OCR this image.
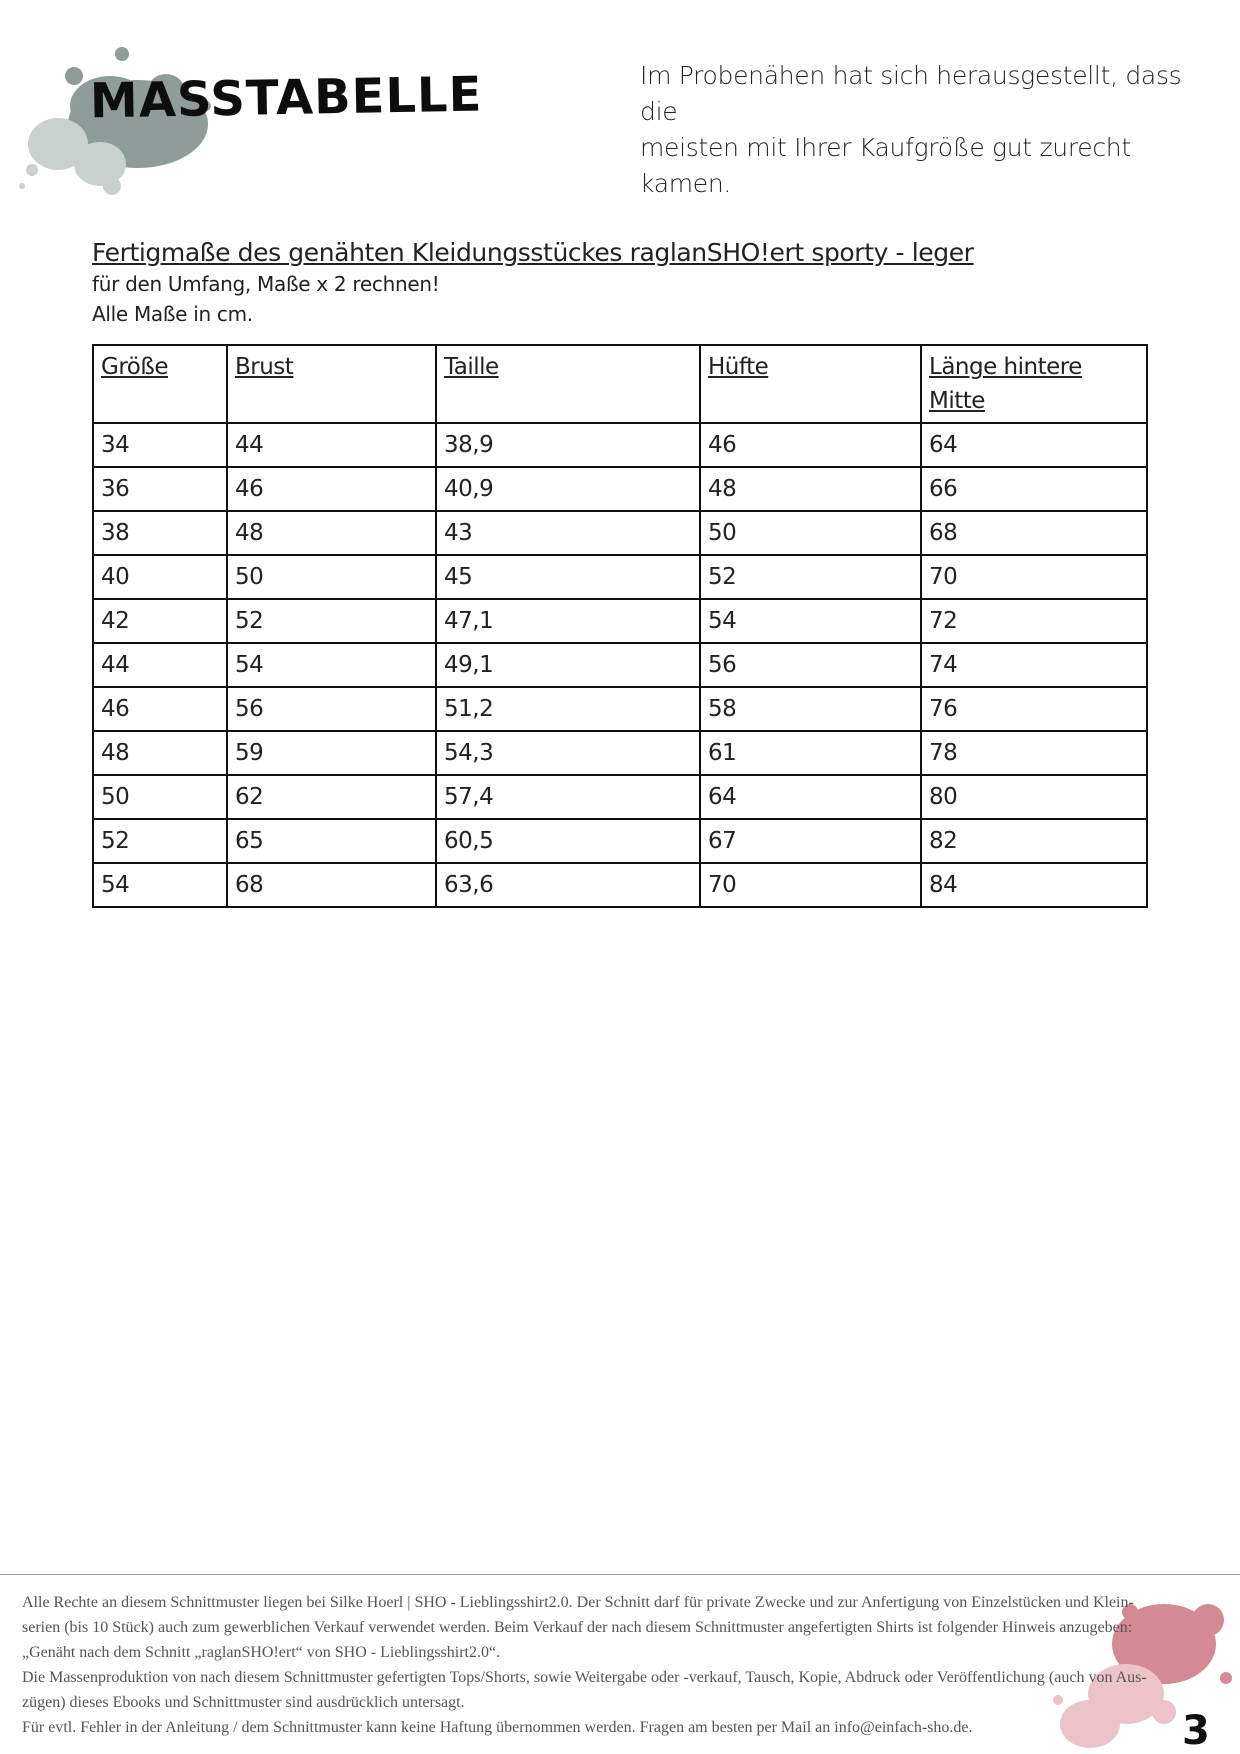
MASSTABELLE	Im Probenähen hat sich herausgestellt, dass die
meisten mit Ihrer Kaufgröße gut zurecht kamen.
Fertigmaße des genähten Kleidungsstückes raglanSHO!ert sporty - leger
für den Umfang, Maße x 2 rechnen!
Alle Maße in cm.
Größe	Brust	Taille	Hüfte	Länge hintere Mitte
34	44	38,9	46	64
36	46	40,9	48	66
38	48	43	50	68
40	50	45	52	70
42	52	47,1	54	72
44	54	49,1	56	74
46	56	51,2	58	76
48	59	54,3	61	78
50	62	57,4	64	80
52	65	60,5	67	82
54	68	63,6	70	84

Alle Rechte an diesem Schnittmuster liegen bei Silke Hoerl | SHO - Lieblingsshirt2.0. Der Schnitt darf für private Zwecke und zur Anfertigung von Einzelstücken und Klein-

serien (bis 10 Stück) auch zum gewerblichen Verkauf verwendet werden. Beim Verkauf der nach diesem Schnittmuster angefertigten Shirts ist folgender Hinweis anzugeben:

„Genäht nach dem Schnitt „raglanSHO!ert“ von SHO - Lieblingsshirt2.0“.

Die Massenproduktion von nach diesem Schnittmuster gefertigten Tops/Shorts, sowie Weitergabe oder -verkauf, Tausch, Kopie, Abdruck oder Veröffentlichung (auch von Aus-

zügen) dieses Ebooks und Schnittmuster sind ausdrücklich untersagt.

Für evtl. Fehler in der Anleitung / dem Schnittmuster kann keine Haftung übernommen werden. Fragen am besten per Mail an info@einfach-sho.de.	3
